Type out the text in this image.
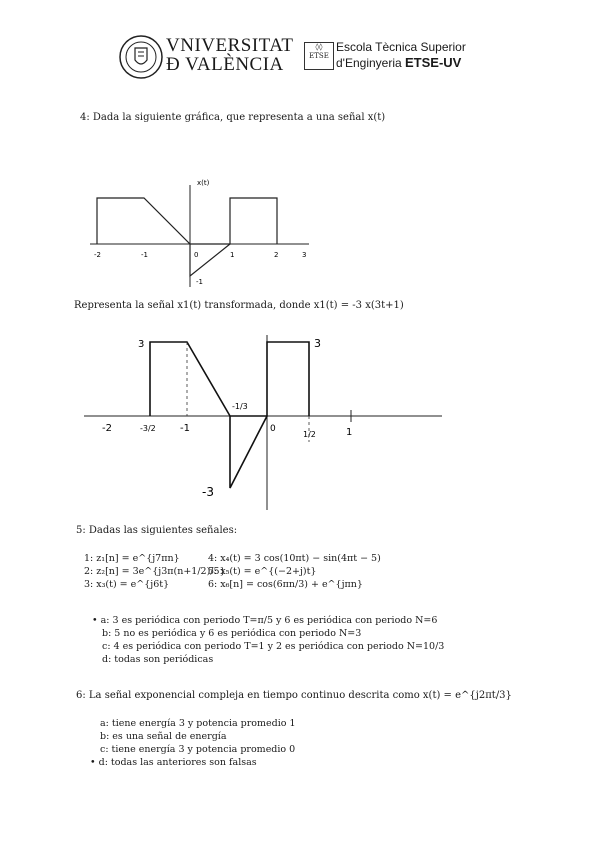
VNIVERSITAT
Đ VALÈNCIA
◊◊
ETSE
Escola Tècnica Superior
d'Enginyeria ETSE-UV
4: Dada la siguiente gráfica, que representa a una señal x(t)
x(t)
-2	-1	0	1	2	3
-1
Representa la señal x1(t) transformada, donde x1(t) = -3 x(3t+1)
-2	-3/2 -1	0
1/2	1
3	3
-3
-1/3
5: Dadas las siguientes señales:
1: z₁[n] = e^{j7πn}
2: z₂[n] = 3e^{j3π(n+1/2)/5}
3: x₃(t) = e^{j6t}
4: x₄(t) = 3 cos(10πt) − sin(4πt − 5)
5: x₅(t) = e^{(−2+j)t}
6: x₆[n] = cos(6πn/3) + e^{jπn}
• a: 3 es periódica con periodo T=π/5 y 6 es periódica con periodo N=6
b: 5 no es periódica y 6 es periódica con periodo N=3
c: 4 es periódica con periodo T=1 y 2 es periódica con periodo N=10/3
d: todas son periódicas
6: La señal exponencial compleja en tiempo continuo descrita como x(t) = e^{j2πt/3}
a: tiene energía 3 y potencia promedio 1
b: es una señal de energía
c: tiene energía 3 y potencia promedio 0
• d: todas las anteriores son falsas
